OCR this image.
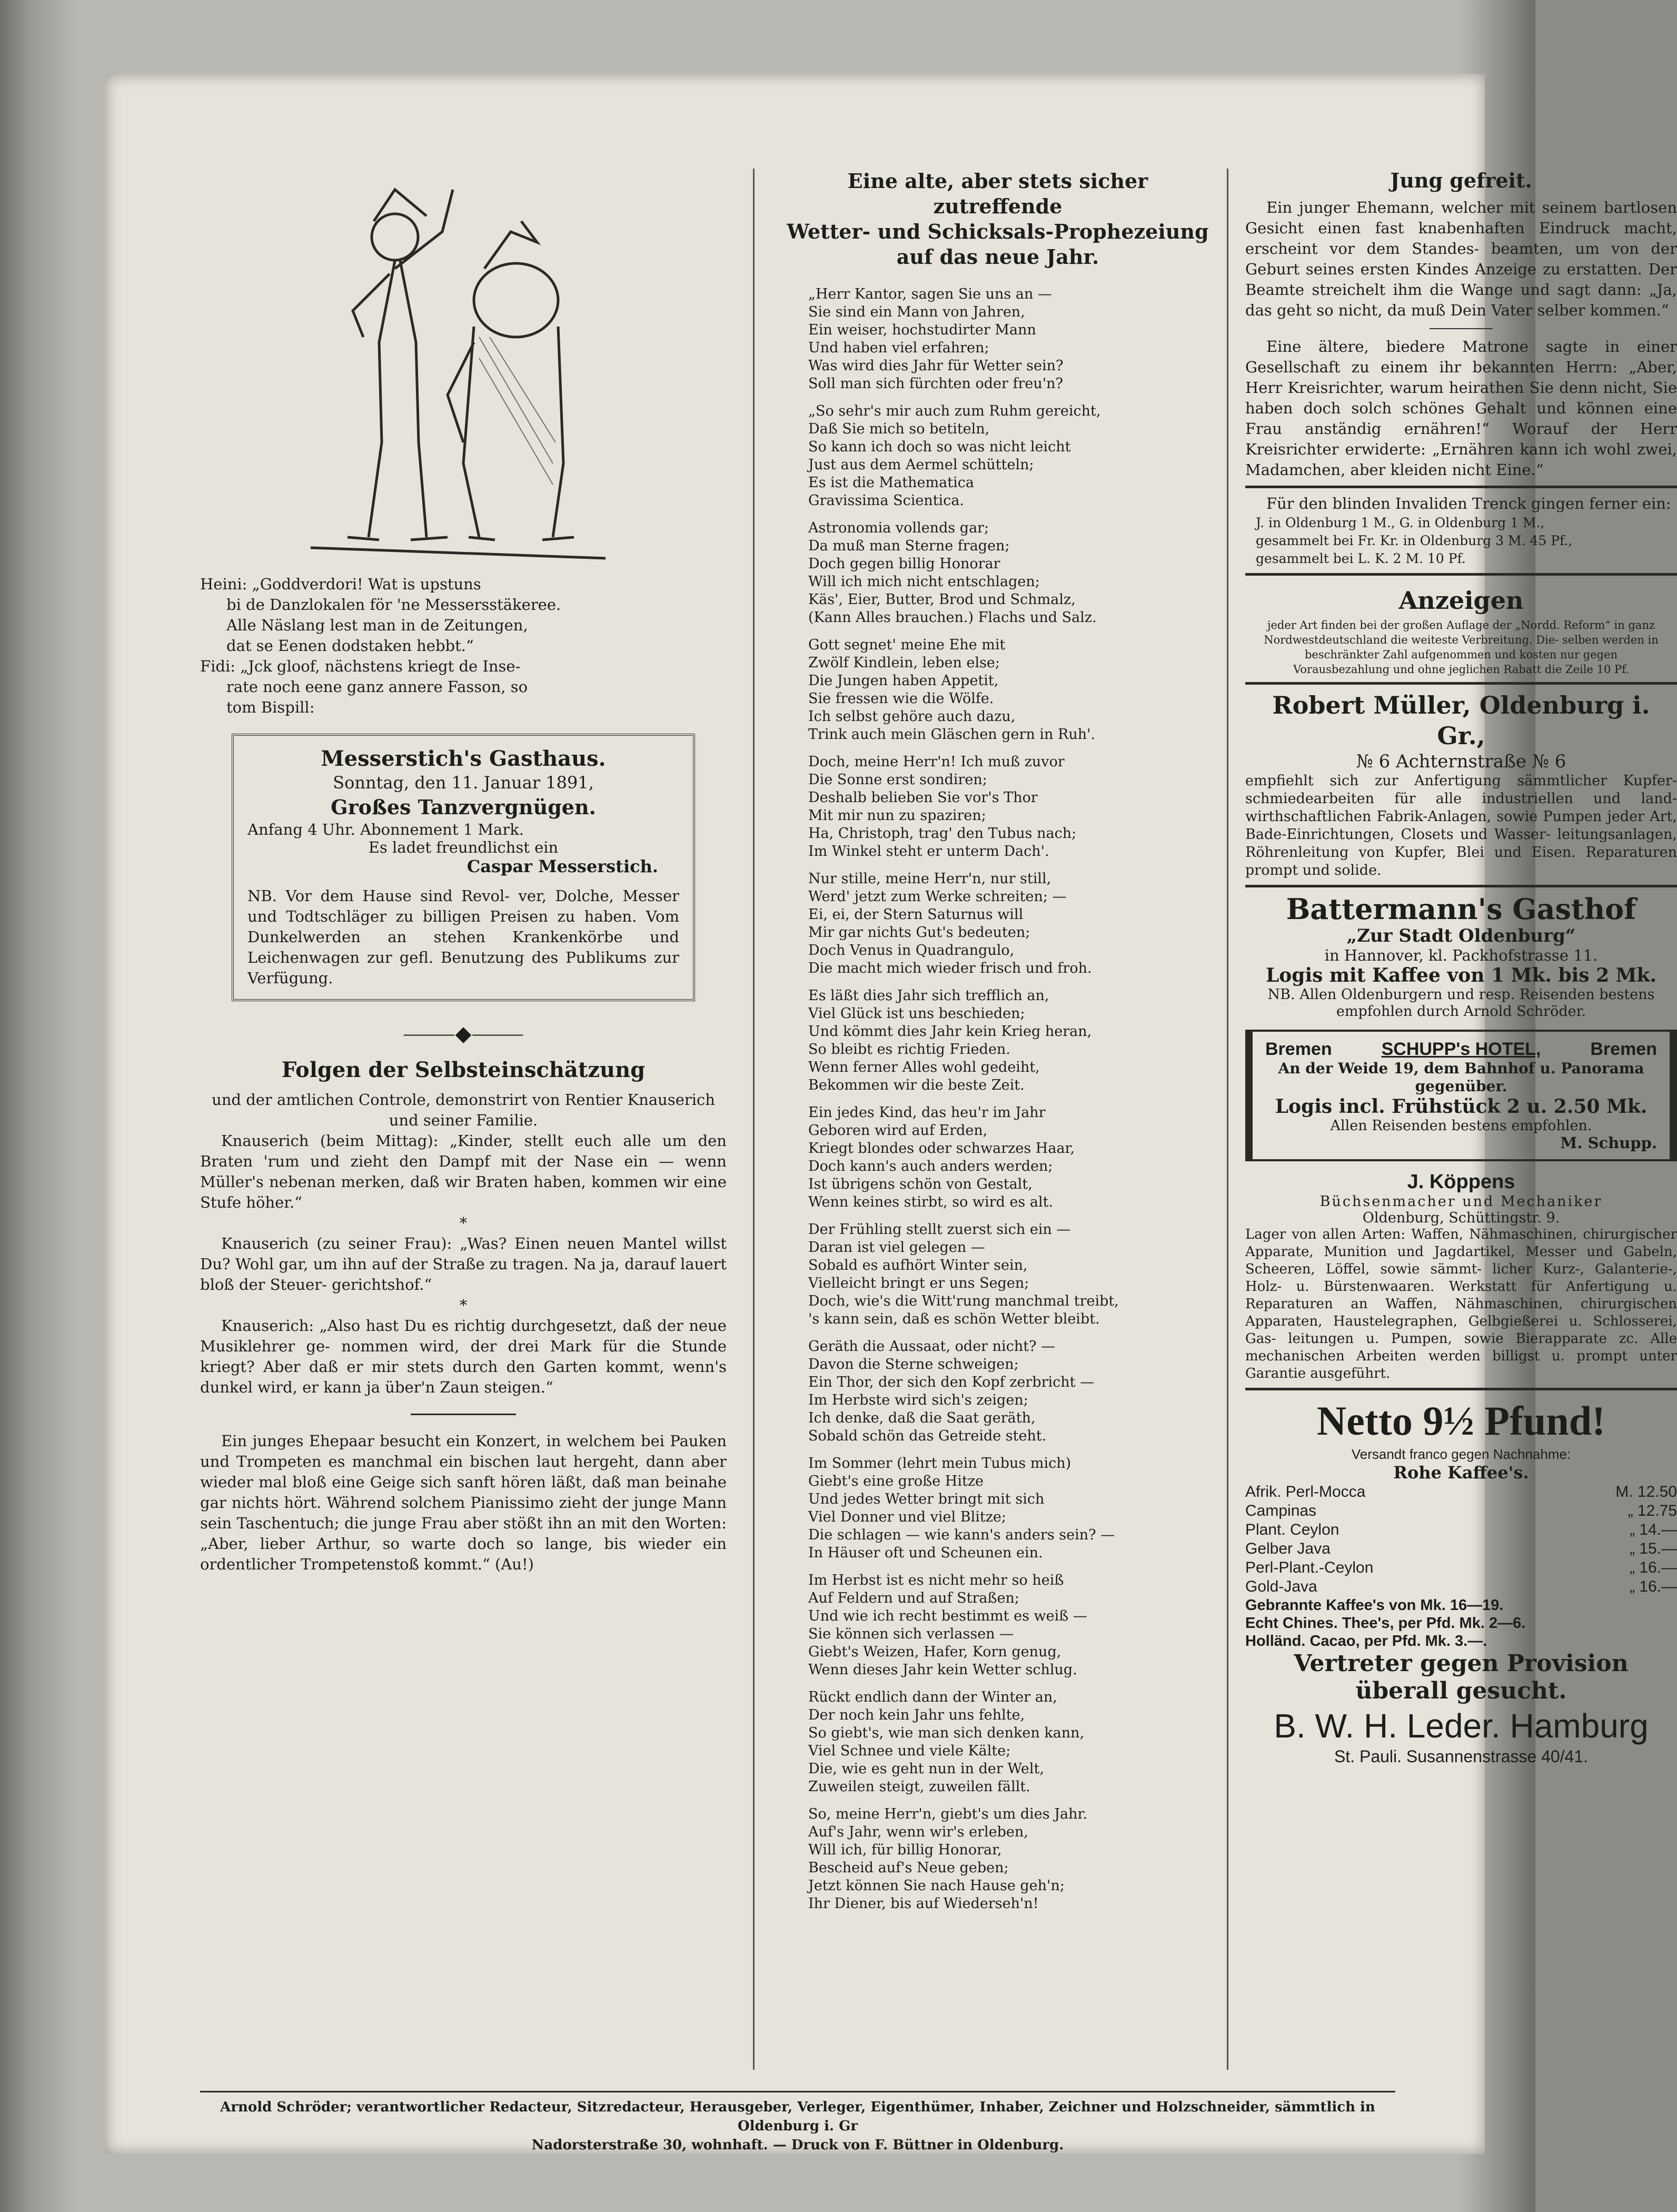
Heini: „Goddverdori! Wat is upstuns
bi de Danzlokalen för 'ne Messersstäkeree.
Alle Näslang lest man in de Zeitungen,
dat se Eenen dodstaken hebbt.“
Fidi: „Jck gloof, nächstens kriegt de Inse-
rate noch eene ganz annere Fasson, so
tom Bispill:
Messerstich's Gasthaus.
Sonntag, den 11. Januar 1891,
Großes Tanzvergnügen.
Anfang 4 Uhr. Abonnement 1 Mark.
Es ladet freundlichst ein
Caspar Messerstich.
NB. Vor dem Hause sind Revol- ver, Dolche, Messer und Todtschläger zu billigen Preisen zu haben. Vom Dunkelwerden an stehen Krankenkörbe und Leichenwagen zur gefl. Benutzung des Publikums zur Verfügung.
⸻◆⸻
Folgen der Selbsteinschätzung
und der amtlichen Controle, demonstrirt von Rentier Knauserich und seiner Familie.
Knauserich (beim Mittag): „Kinder, stellt euch alle um den Braten 'rum und zieht den Dampf mit der Nase ein — wenn Müller's nebenan merken, daß wir Braten haben, kommen wir eine Stufe höher.“
*
Knauserich (zu seiner Frau): „Was? Einen neuen Mantel willst Du? Wohl gar, um ihn auf der Straße zu tragen. Na ja, darauf lauert bloß der Steuer- gerichtshof.“
*
Knauserich: „Also hast Du es richtig durchgesetzt, daß der neue Musiklehrer ge- nommen wird, der drei Mark für die Stunde kriegt? Aber daß er mir stets durch den Garten kommt, wenn's dunkel wird, er kann ja über'n Zaun steigen.“
Ein junges Ehepaar besucht ein Konzert, in welchem bei Pauken und Trompeten es manchmal ein bischen laut hergeht, dann aber wieder mal bloß eine Geige sich sanft hören läßt, daß man beinahe gar nichts hört. Während solchem Pianissimo zieht der junge Mann sein Taschentuch; die junge Frau aber stößt ihn an mit den Worten: „Aber, lieber Arthur, so warte doch so lange, bis wieder ein ordentlicher Trompetenstoß kommt.“ (Au!)
Eine alte, aber stets sicher zutreffende
Wetter- und Schicksals-Prophezeiung
auf das neue Jahr.
„Herr Kantor, sagen Sie uns an —
Sie sind ein Mann von Jahren,
Ein weiser, hochstudirter Mann
Und haben viel erfahren;
Was wird dies Jahr für Wetter sein?
Soll man sich fürchten oder freu'n?
„So sehr's mir auch zum Ruhm gereicht,
Daß Sie mich so betiteln,
So kann ich doch so was nicht leicht
Just aus dem Aermel schütteln;
Es ist die Mathematica
Gravissima Scientica.
Astronomia vollends gar;
Da muß man Sterne fragen;
Doch gegen billig Honorar
Will ich mich nicht entschlagen;
Käs', Eier, Butter, Brod und Schmalz,
(Kann Alles brauchen.) Flachs und Salz.
Gott segnet' meine Ehe mit
Zwölf Kindlein, leben else;
Die Jungen haben Appetit,
Sie fressen wie die Wölfe.
Ich selbst gehöre auch dazu,
Trink auch mein Gläschen gern in Ruh'.
Doch, meine Herr'n! Ich muß zuvor
Die Sonne erst sondiren;
Deshalb belieben Sie vor's Thor
Mit mir nun zu spaziren;
Ha, Christoph, trag' den Tubus nach;
Im Winkel steht er unterm Dach'.
Nur stille, meine Herr'n, nur still,
Werd' jetzt zum Werke schreiten; —
Ei, ei, der Stern Saturnus will
Mir gar nichts Gut's bedeuten;
Doch Venus in Quadrangulo,
Die macht mich wieder frisch und froh.
Es läßt dies Jahr sich trefflich an,
Viel Glück ist uns beschieden;
Und kömmt dies Jahr kein Krieg heran,
So bleibt es richtig Frieden.
Wenn ferner Alles wohl gedeiht,
Bekommen wir die beste Zeit.
Ein jedes Kind, das heu'r im Jahr
Geboren wird auf Erden,
Kriegt blondes oder schwarzes Haar,
Doch kann's auch anders werden;
Ist übrigens schön von Gestalt,
Wenn keines stirbt, so wird es alt.
Der Frühling stellt zuerst sich ein —
Daran ist viel gelegen —
Sobald es aufhört Winter sein,
Vielleicht bringt er uns Segen;
Doch, wie's die Witt'rung manchmal treibt,
's kann sein, daß es schön Wetter bleibt.
Geräth die Aussaat, oder nicht? —
Davon die Sterne schweigen;
Ein Thor, der sich den Kopf zerbricht —
Im Herbste wird sich's zeigen;
Ich denke, daß die Saat geräth,
Sobald schön das Getreide steht.
Im Sommer (lehrt mein Tubus mich)
Giebt's eine große Hitze
Und jedes Wetter bringt mit sich
Viel Donner und viel Blitze;
Die schlagen — wie kann's anders sein? —
In Häuser oft und Scheunen ein.
Im Herbst ist es nicht mehr so heiß
Auf Feldern und auf Straßen;
Und wie ich recht bestimmt es weiß —
Sie können sich verlassen —
Giebt's Weizen, Hafer, Korn genug,
Wenn dieses Jahr kein Wetter schlug.
Rückt endlich dann der Winter an,
Der noch kein Jahr uns fehlte,
So giebt's, wie man sich denken kann,
Viel Schnee und viele Kälte;
Die, wie es geht nun in der Welt,
Zuweilen steigt, zuweilen fällt.
So, meine Herr'n, giebt's um dies Jahr.
Auf's Jahr, wenn wir's erleben,
Will ich, für billig Honorar,
Bescheid auf's Neue geben;
Jetzt können Sie nach Hause geh'n;
Ihr Diener, bis auf Wiederseh'n!
Jung gefreit.
Ein junger Ehemann, welcher mit seinem bartlosen Gesicht einen fast knabenhaften Eindruck macht, erscheint vor dem Standes- beamten, um von der Geburt seines ersten Kindes Anzeige zu erstatten. Der Beamte streichelt ihm die Wange und sagt dann: „Ja, das geht so nicht, da muß Dein Vater selber kommen.“
Eine ältere, biedere Matrone sagte in einer Gesellschaft zu einem ihr bekannten Herrn: „Aber, Herr Kreisrichter, warum heirathen Sie denn nicht, Sie haben doch solch schönes Gehalt und können eine Frau anständig ernähren!“ Worauf der Herr Kreisrichter erwiderte: „Ernähren kann ich wohl zwei, Madamchen, aber kleiden nicht Eine.“
Für den blinden Invaliden Trenck gingen ferner ein:
J. in Oldenburg 1 M., G. in Oldenburg 1 M.,
gesammelt bei Fr. Kr. in Oldenburg 3 M. 45 Pf.,
gesammelt bei L. K. 2 M. 10 Pf.
Anzeigen
jeder Art finden bei der großen Auflage der „Nordd. Reform“ in ganz Nordwestdeutschland die weiteste Verbreitung. Die- selben werden in beschränkter Zahl aufgenommen und kosten nur gegen Vorausbezahlung und ohne jeglichen Rabatt die Zeile 10 Pf.
Robert Müller, Oldenburg i. Gr.,
№ 6 Achternstraße № 6
empfiehlt sich zur Anfertigung sämmtlicher Kupfer- schmiedearbeiten für alle industriellen und land- wirthschaftlichen Fabrik-Anlagen, sowie Pumpen jeder Art, Bade-Einrichtungen, Closets und Wasser- leitungsanlagen, Röhrenleitung von Kupfer, Blei und Eisen. Reparaturen prompt und solide.
Battermann's Gasthof
„Zur Stadt Oldenburg“
in Hannover, kl. Packhofstrasse 11.
Logis mit Kaffee von 1 Mk. bis 2 Mk.
NB. Allen Oldenburgern und resp. Reisenden bestens empfohlen durch Arnold Schröder.
Bremen	SCHUPP's HOTEL,	Bremen
An der Weide 19, dem Bahnhof u. Panorama gegenüber.
Logis incl. Frühstück 2 u. 2.50 Mk.
Allen Reisenden bestens empfohlen.
M. Schupp.
J. Köppens
Büchsenmacher und Mechaniker
Oldenburg, Schüttingstr. 9.
Lager von allen Arten: Waffen, Nähmaschinen, chirurgischer Apparate, Munition und Jagdartikel, Messer und Gabeln, Scheeren, Löffel, sowie sämmt- licher Kurz-, Galanterie-, Holz- u. Bürstenwaaren. Werkstatt für Anfertigung u. Reparaturen an Waffen, Nähmaschinen, chirurgischen Apparaten, Haustelegraphen, Gelbgießerei u. Schlosserei, Gas- leitungen u. Pumpen, sowie Bierapparate zc. Alle mechanischen Arbeiten werden billigst u. prompt unter Garantie ausgeführt.
Netto 9½ Pfund!
Versandt franco gegen Nachnahme:
Rohe Kaffee's.
Afrik. Perl-Mocca	M. 12.50
Campinas	„ 12.75
Plant. Ceylon	„ 14.—
Gelber Java	„ 15.—
Perl-Plant.-Ceylon	„ 16.—
Gold-Java	„ 16.—
Gebrannte Kaffee's von Mk. 16—19.
Echt Chines. Thee's, per Pfd. Mk. 2—6.
Holländ. Cacao, per Pfd. Mk. 3.—.
Vertreter gegen Provision überall gesucht.
B. W. H. Leder. Hamburg
St. Pauli. Susannenstrasse 40/41.
Arnold Schröder; verantwortlicher Redacteur, Sitzredacteur, Herausgeber, Verleger, Eigenthümer, Inhaber, Zeichner und Holzschneider, sämmtlich in Oldenburg i. Gr
Nadorsterstraße 30, wohnhaft. — Druck von F. Büttner in Oldenburg.
